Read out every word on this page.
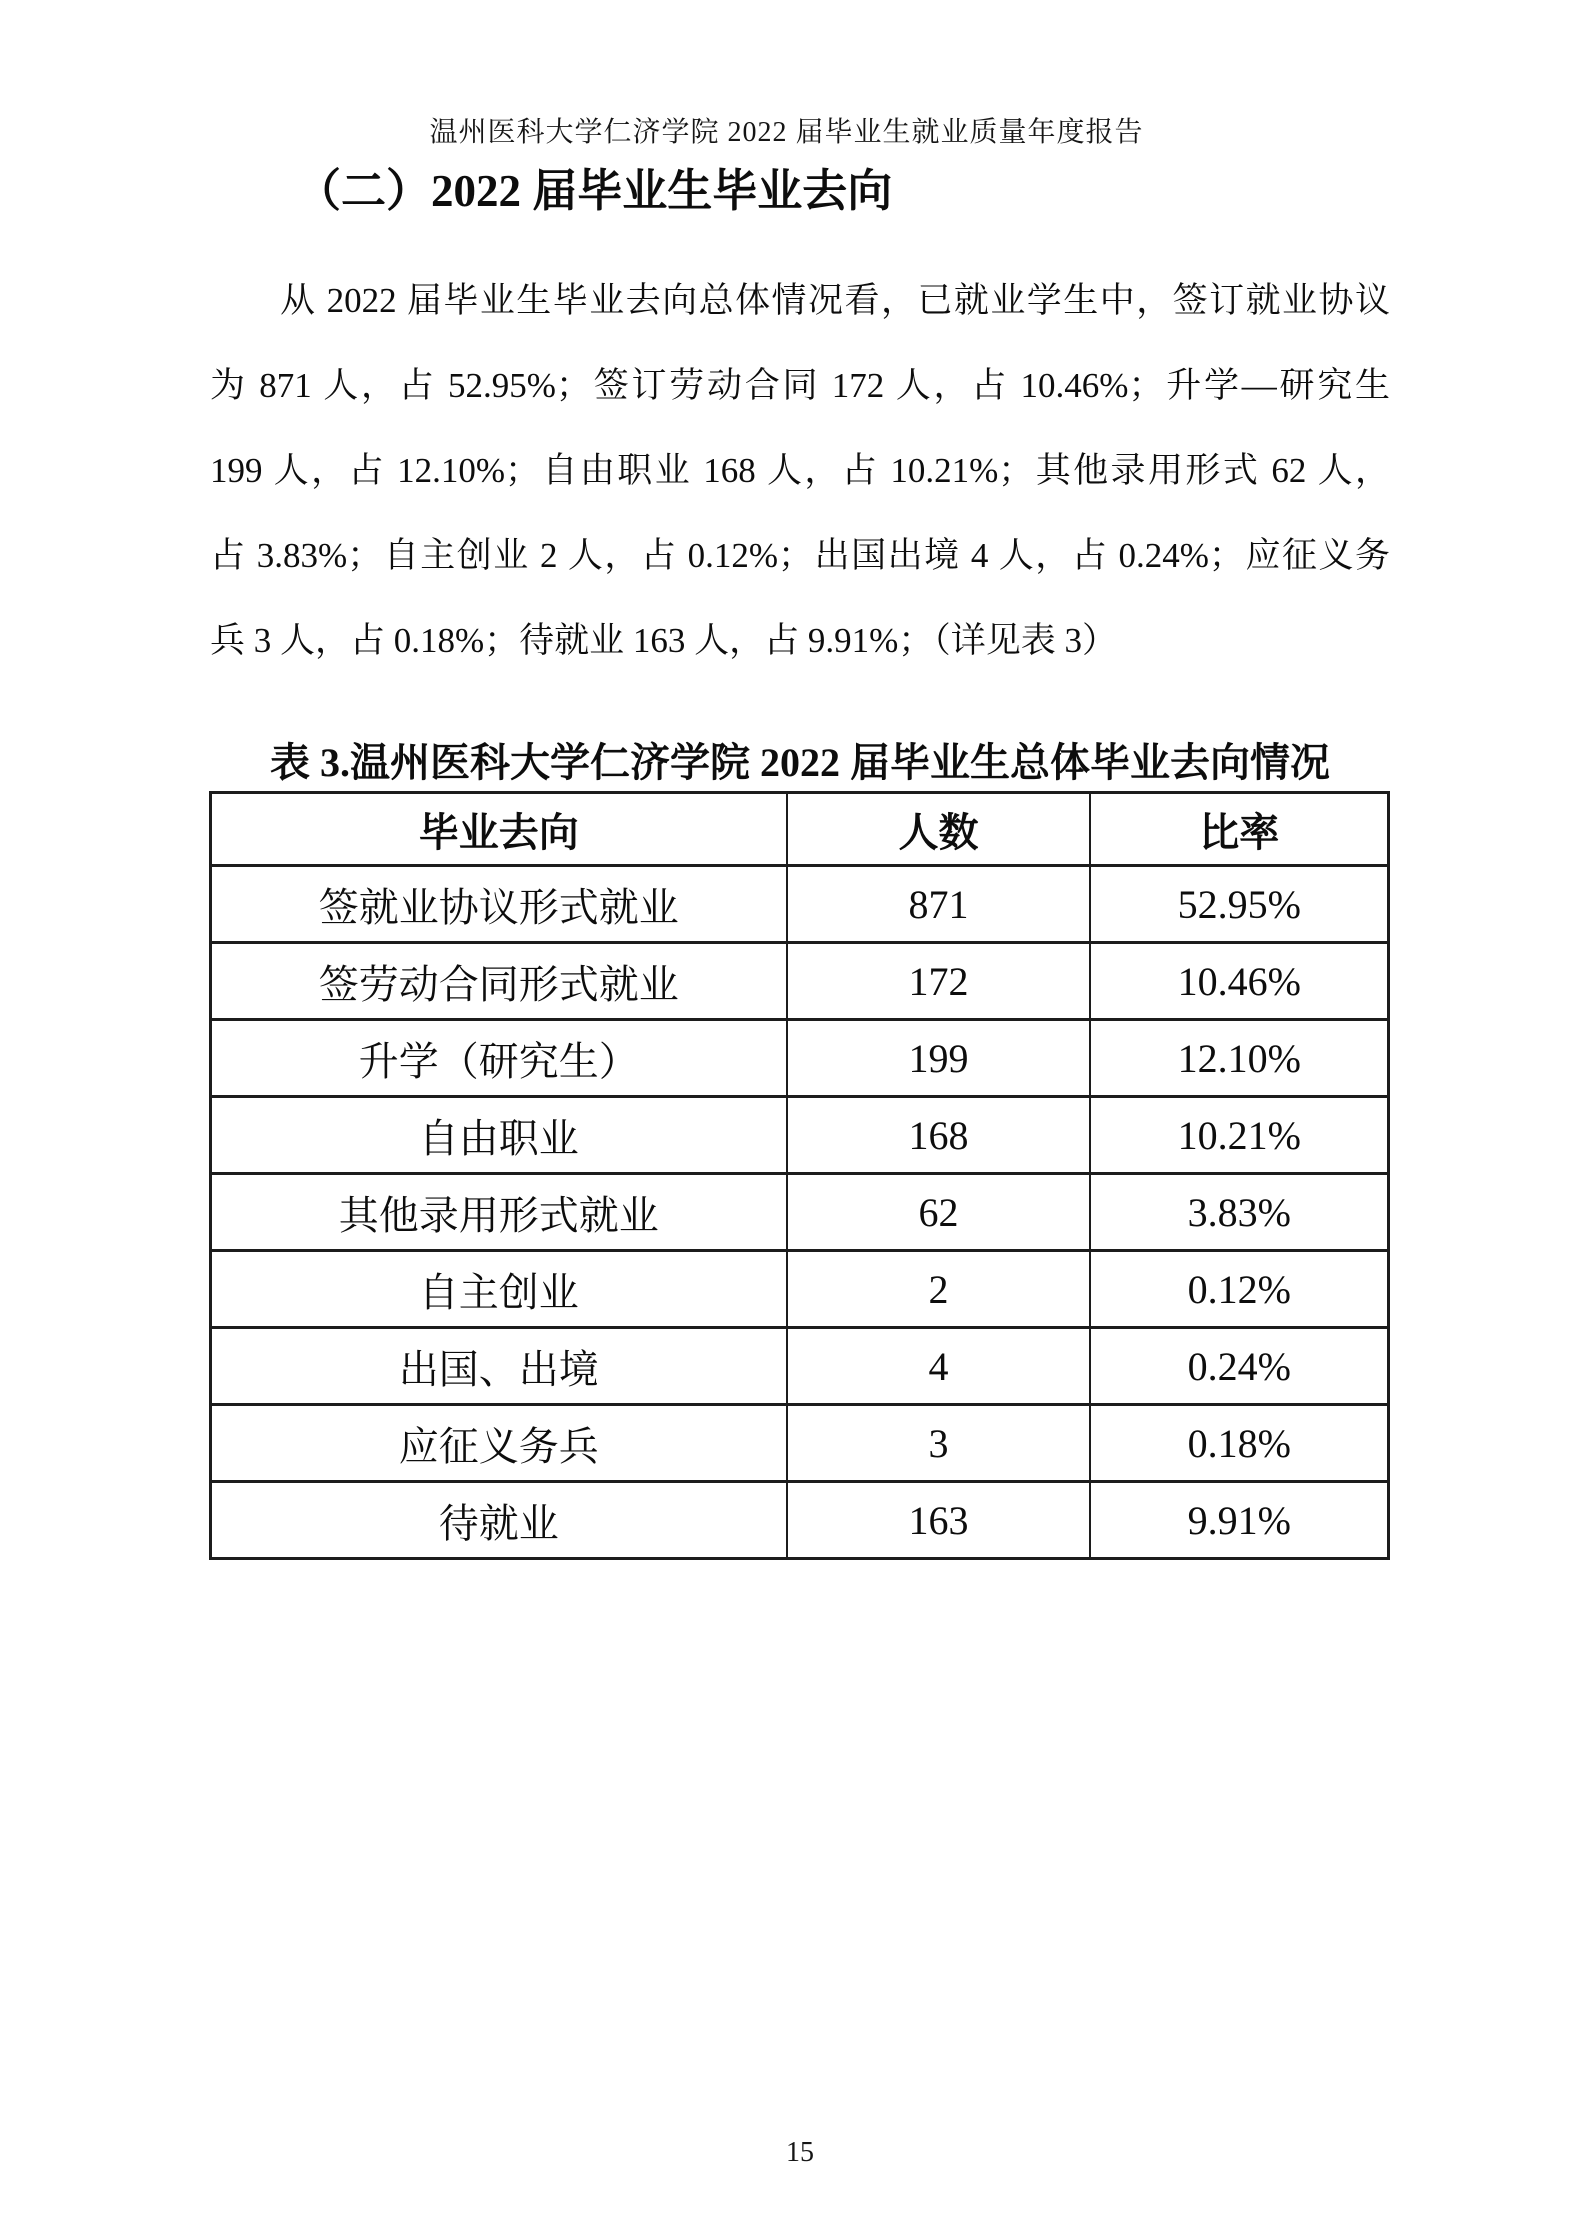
温州医科大学仁济学院 2022 届毕业生就业质量年度报告
（二）2022 届毕业生毕业去向
从 2022 届毕业生毕业去向总体情况看，已就业学生中，签订就业协议
为 871 人，占 52.95%；签订劳动合同 172 人，占 10.46%；升学—研究生
199 人，占 12.10%；自由职业 168 人，占 10.21%；其他录用形式 62 人，
占 3.83%；自主创业 2 人，占 0.12%；出国出境 4 人，占 0.24%；应征义务
兵 3 人，占 0.18%；待就业 163 人，占 9.91%；（详见表 3）
表 3.温州医科大学仁济学院 2022 届毕业生总体毕业去向情况
毕业去向	人数	比率
签就业协议形式就业	871	52.95%
签劳动合同形式就业	172	10.46%
升学（研究生）	199	12.10%
自由职业	168	10.21%
其他录用形式就业	62	3.83%
自主创业	2	0.12%
出国、出境	4	0.24%
应征义务兵	3	0.18%
待就业	163	9.91%
15
